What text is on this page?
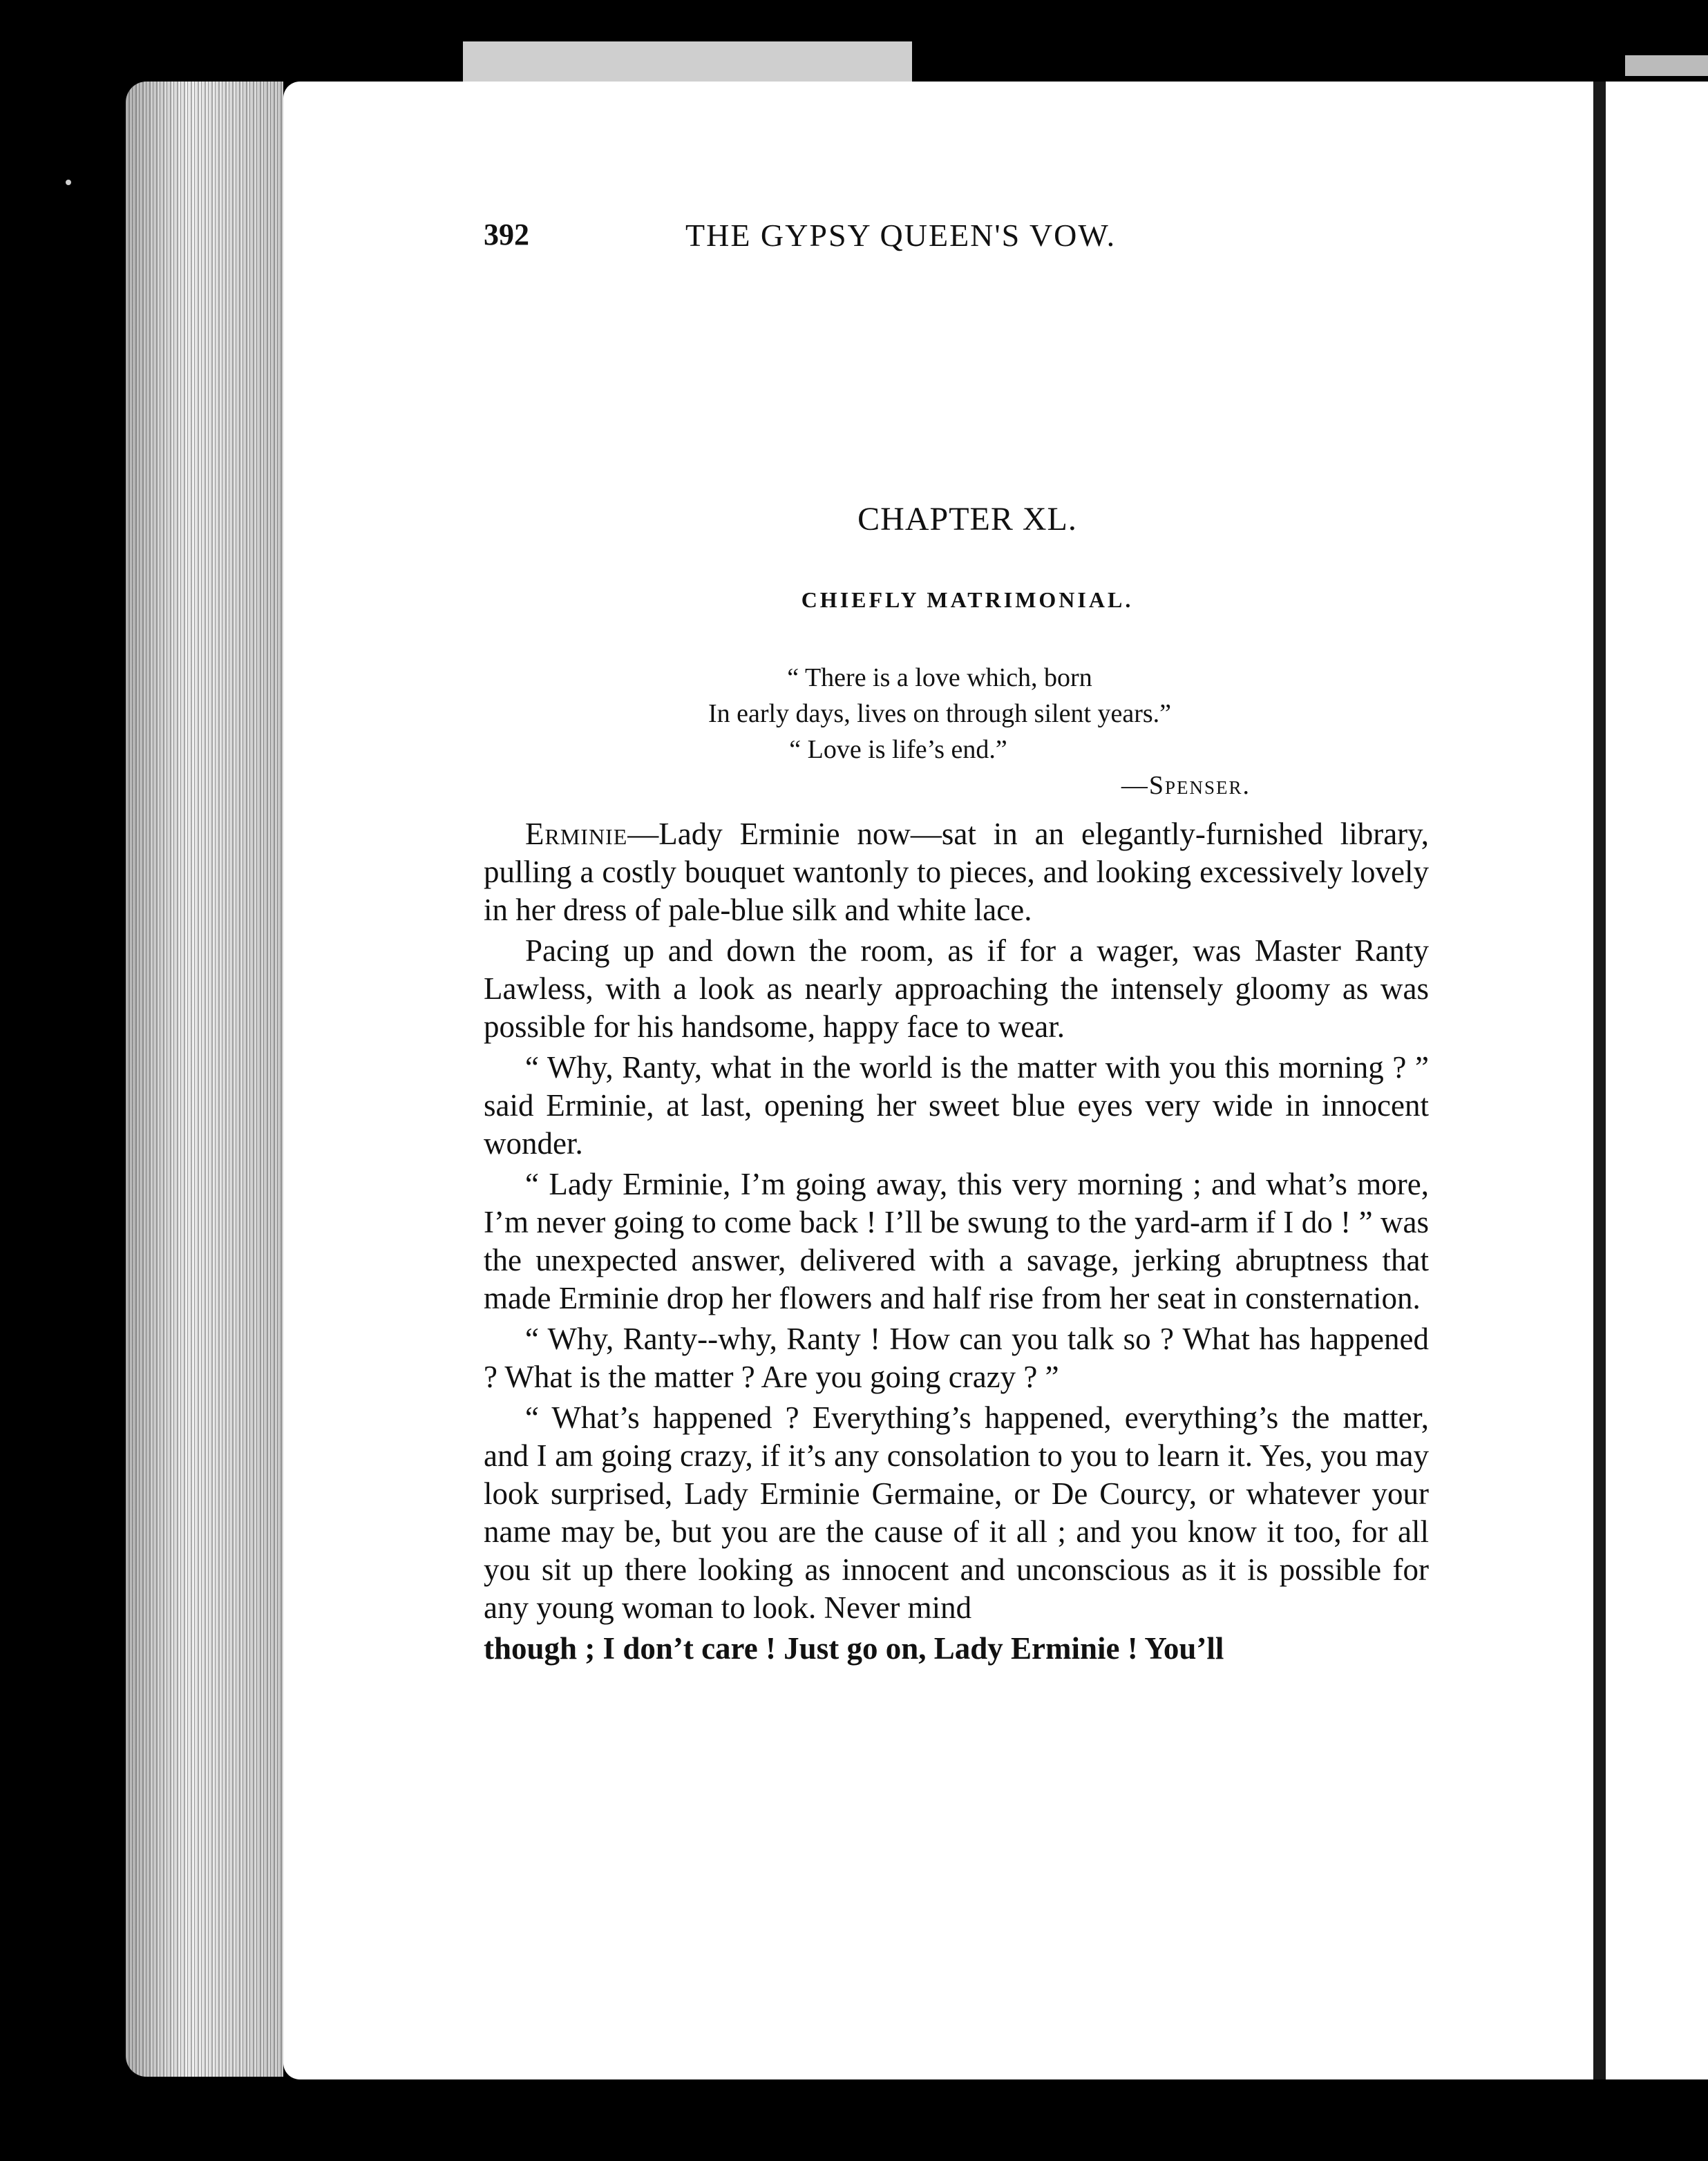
392	THE GYPSY QUEEN'S VOW.
CHAPTER XL.
CHIEFLY MATRIMONIAL.
“ There is a love which, born
In early days, lives on through silent years.”
“ Love is life’s end.”
—Spenser.

Erminie—Lady Erminie now—sat in an elegantly-furnished library, pulling a costly bouquet wantonly to pieces, and looking excessively lovely in her dress of pale-blue silk and white lace.

Pacing up and down the room, as if for a wager, was Master Ranty Lawless, with a look as nearly approaching the intensely gloomy as was possible for his handsome, happy face to wear.

“ Why, Ranty, what in the world is the matter with you this morning ? ” said Erminie, at last, opening her sweet blue eyes very wide in innocent wonder.

“ Lady Erminie, I’m going away, this very morning ; and what’s more, I’m never going to come back ! I’ll be swung to the yard-arm if I do ! ” was the unexpected answer, delivered with a savage, jerking abruptness that made Erminie drop her flowers and half rise from her seat in consternation.

“ Why, Ranty--why, Ranty ! How can you talk so ? What has happened ? What is the matter ? Are you going crazy ? ”

“ What’s happened ? Everything’s happened, everything’s the matter, and I am going crazy, if it’s any consolation to you to learn it. Yes, you may look surprised, Lady Erminie Germaine, or De Courcy, or whatever your name may be, but you are the cause of it all ; and you know it too, for all you sit up there looking as innocent and unconscious as it is possible for any young woman to look. Never mind

though ; I don’t care ! Just go on, Lady Erminie ! You’ll
